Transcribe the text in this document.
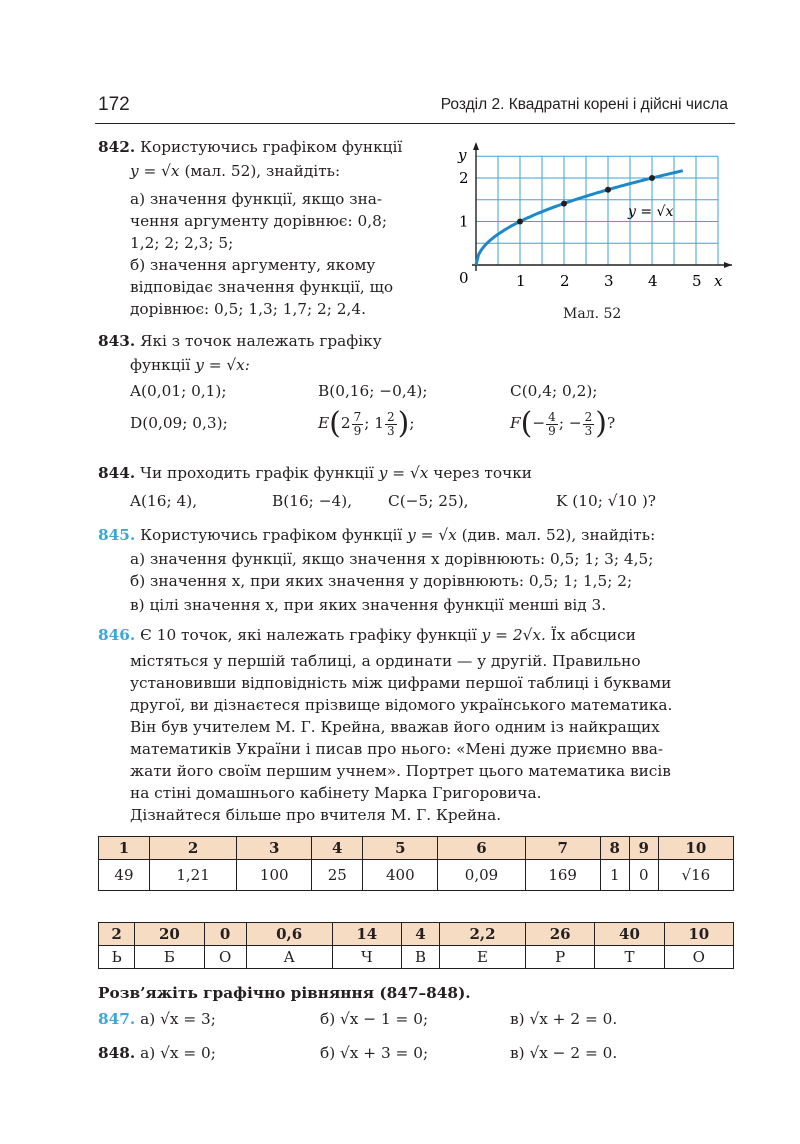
172	Розділ 2. Квадратні корені і дійсні числа
842. Користуючись графіком функції
y = √x (мал. 52), знайдіть:
а) значення функції, якщо зна-
чення аргументу дорівнює: 0,8;
1,2; 2; 2,3; 5;
б) значення аргументу, якому
відповідає значення функції, що
дорівнює: 0,5; 1,3; 1,7; 2; 2,4.
y
x
0	1 2 3 4 5
1
2
y = √x
Мал. 52
843. Які з точок належать графіку
функції y = √x:
A(0,01; 0,1);	B(0,16; −0,4);	C(0,4; 0,2);
D(0,09; 0,3);	$E(2 \frac{7}{9}$ ; $1 \frac{2}{3}$ );	$F(- \frac{4}{9}$ ; − $\frac{2}{3}$ )?
844. Чи проходить графік функції y = √x через точки
A(16; 4),	B(16; −4), C(−5; 25),	K (10; √10 )?
845. Користуючись графіком функції y = √x (див. мал. 52), знайдіть:
а) значення функції, якщо значення x дорівнюють: 0,5; 1; 3; 4,5;
б) значення x, при яких значення y дорівнюють: 0,5; 1; 1,5; 2;
в) цілі значення x, при яких значення функції менші від 3.
846. Є 10 точок, які належать графіку функції y = 2√x. Їх абсциси
містяться у першій таблиці, а ординати — у другій. Правильно
установивши відповідність між цифрами першої таблиці і буквами
другої, ви дізнаєтеся прізвище відомого українського математика.
Він був учителем М. Г. Крейна, вважав його одним із найкращих
математиків України і писав про нього: «Мені дуже приємно вва-
жати його своїм першим учнем». Портрет цього математика висів
на стіні домашнього кабінету Марка Григоровича.
Дізнайтеся більше про вчителя М. Г. Крейна.
1	2	3	4	5	6	7	8	9	10
49	1,21	100	25	400	0,09	169	1	0	√16
2	20	0	0,6	14	4	2,2	26	40	10
Ь	Б	О	А	Ч	В	Е	Р	Т	О
Розв’яжіть графічно рівняння (847–848).
847. а) √x = 3;	б) √x − 1 = 0;	в) √x + 2 = 0.
848. а) √x = 0;	б) √x + 3 = 0;	в) √x − 2 = 0.
